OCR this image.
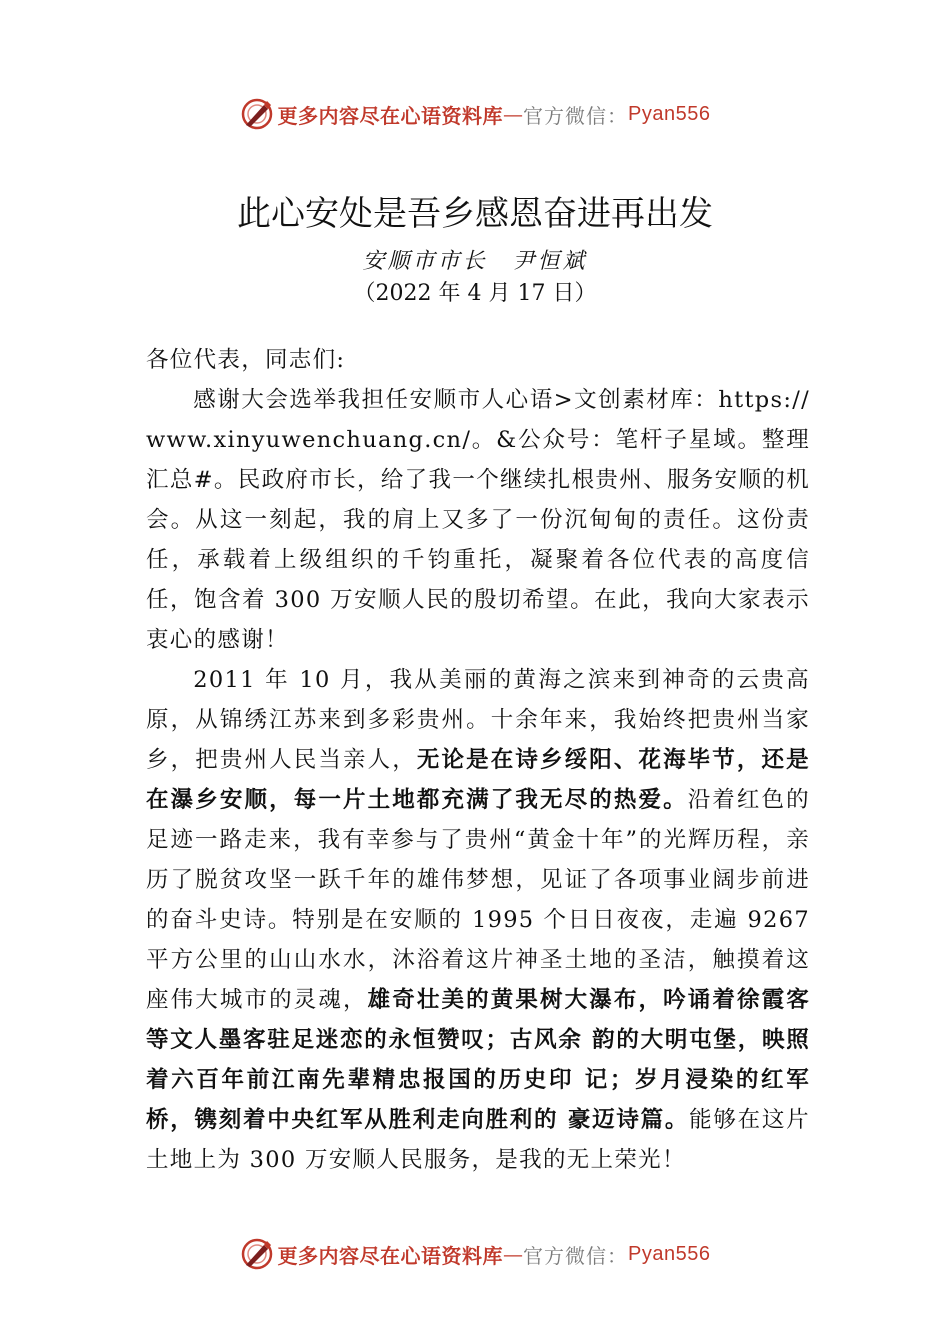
更多内容尽在心语资料库 — 官方微信： Pyan556
此心安处是吾乡感恩奋进再出发
安顺市市长　尹恒斌
（2022 年 4 月 17 日）

各位代表，同志们:

感谢大会选举我担任安顺市人心语>文创素材库：https://www.xinyuwenchuang.cn/。&公众号：笔杆子星域。整理汇总#。民政府市长，给了我一个继续扎根贵州、服务安顺的机会。从这一刻起，我的肩上又多了一份沉甸甸的责任。这份责任，承载着上级组织的千钧重托，凝聚着各位代表的高度信任，饱含着 300 万安顺人民的殷切希望。在此，我向大家表示衷心的感谢！

2011 年 10 月，我从美丽的黄海之滨来到神奇的云贵高原，从锦绣江苏来到多彩贵州。十余年来，我始终把贵州当家乡，把贵州人民当亲人，无论是在诗乡绥阳、花海毕节，还是在瀑乡安顺，每一片土地都充满了我无尽的热爱。沿着红色的足迹一路走来，我有幸参与了贵州“黄金十年”的光辉历程，亲历了脱贫攻坚一跃千年的雄伟梦想，见证了各项事业阔步前进的奋斗史诗。特别是在安顺的 1995 个日日夜夜，走遍 9267 平方公里的山山水水，沐浴着这片神圣土地的圣洁，触摸着这座伟大城市的灵魂，雄奇壮美的黄果树大瀑布，吟诵着徐霞客等文人墨客驻足迷恋的永恒赞叹；古风余 韵的大明屯堡，映照着六百年前江南先辈精忠报国的历史印 记；岁月浸染的红军桥，镌刻着中央红军从胜利走向胜利的 豪迈诗篇。能够在这片土地上为 300 万安顺人民服务，是我的无上荣光！

更多内容尽在心语资料库 — 官方微信： Pyan556
